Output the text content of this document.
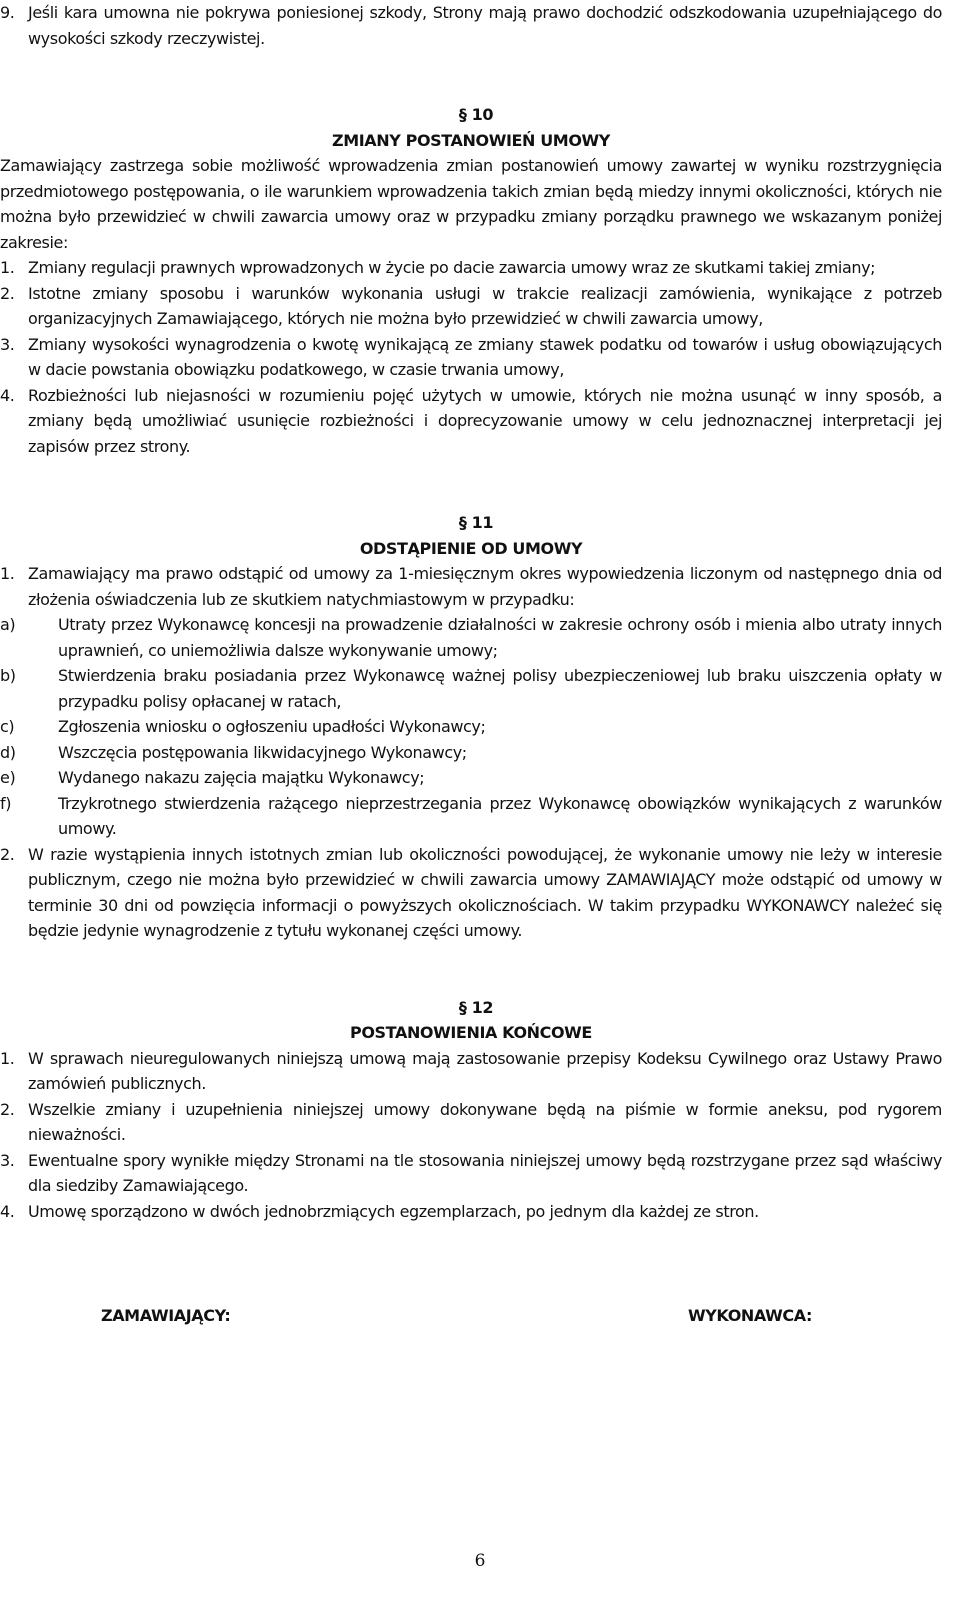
9. Jeśli kara umowna nie pokrywa poniesionej szkody, Strony mają prawo dochodzić odszkodowania uzupełniającego do wysokości szkody rzeczywistej.
§ 10
ZMIANY POSTANOWIEŃ UMOWY

Zamawiający zastrzega sobie możliwość wprowadzenia zmian postanowień umowy zawartej w wyniku rozstrzygnięcia przedmiotowego postępowania, o ile warunkiem wprowadzenia takich zmian będą miedzy innymi okoliczności, których nie można było przewidzieć w chwili zawarcia umowy oraz w przypadku zmiany porządku prawnego we wskazanym poniżej zakresie:

1. Zmiany regulacji prawnych wprowadzonych w życie po dacie zawarcia umowy wraz ze skutkami takiej zmiany;
2. Istotne zmiany sposobu i warunków wykonania usługi w trakcie realizacji zamówienia, wynikające z potrzeb organizacyjnych Zamawiającego, których nie można było przewidzieć w chwili zawarcia umowy,
3. Zmiany wysokości wynagrodzenia o kwotę wynikającą ze zmiany stawek podatku od towarów i usług obowiązujących w dacie powstania obowiązku podatkowego, w czasie trwania umowy,
4. Rozbieżności lub niejasności w rozumieniu pojęć użytych w umowie, których nie można usunąć w inny sposób, a zmiany będą umożliwiać usunięcie rozbieżności i doprecyzowanie umowy w celu jednoznacznej interpretacji jej zapisów przez strony.
§ 11
ODSTĄPIENIE OD UMOWY
1. Zamawiający ma prawo odstąpić od umowy za 1-miesięcznym okres wypowiedzenia liczonym od następnego dnia od złożenia oświadczenia lub ze skutkiem natychmiastowym w przypadku:
a)	Utraty przez Wykonawcę koncesji na prowadzenie działalności w zakresie ochrony osób i mienia albo utraty innych uprawnień, co uniemożliwia dalsze wykonywanie umowy;
b)	Stwierdzenia braku posiadania przez Wykonawcę ważnej polisy ubezpieczeniowej lub braku uiszczenia opłaty w przypadku polisy opłacanej w ratach,
c)	Zgłoszenia wniosku o ogłoszeniu upadłości Wykonawcy;
d)	Wszczęcia postępowania likwidacyjnego Wykonawcy;
e)	Wydanego nakazu zajęcia majątku Wykonawcy;
f)	Trzykrotnego stwierdzenia rażącego nieprzestrzegania przez Wykonawcę obowiązków wynikających z warunków umowy.
2. W razie wystąpienia innych istotnych zmian lub okoliczności powodującej, że wykonanie umowy nie leży w interesie publicznym, czego nie można było przewidzieć w chwili zawarcia umowy ZAMAWIAJĄCY może odstąpić od umowy w terminie 30 dni od powzięcia informacji o powyższych okolicznościach. W takim przypadku WYKONAWCY należeć się będzie jedynie wynagrodzenie z tytułu wykonanej części umowy.
§ 12
POSTANOWIENIA KOŃCOWE
1. W sprawach nieuregulowanych niniejszą umową mają zastosowanie przepisy Kodeksu Cywilnego oraz Ustawy Prawo zamówień publicznych.
2. Wszelkie zmiany i uzupełnienia niniejszej umowy dokonywane będą na piśmie w formie aneksu, pod rygorem nieważności.
3. Ewentualne spory wynikłe między Stronami na tle stosowania niniejszej umowy będą rozstrzygane przez sąd właściwy dla siedziby Zamawiającego.
4. Umowę sporządzono w dwóch jednobrzmiących egzemplarzach, po jednym dla każdej ze stron.
ZAMAWIAJĄCY:	WYKONAWCA:
6
